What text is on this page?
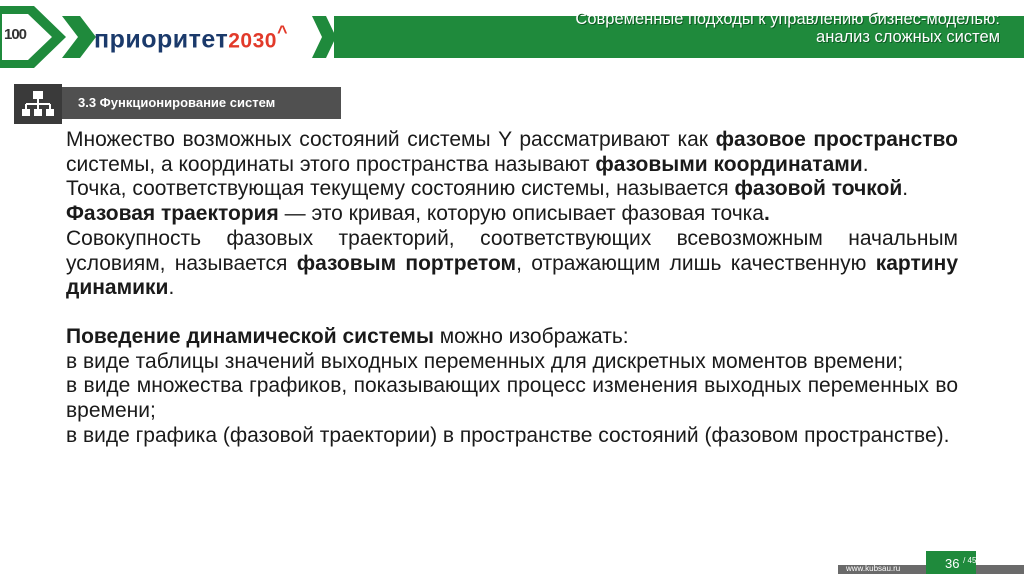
100	приоритет2030^
Современные подходы к управлению бизнес-моделью:
анализ сложных систем
3.3 Функционирование систем

Множество возможных состояний системы Y рассматривают как фазовое пространство системы, а координаты этого пространства называют фазовыми координатами.

Точка, соответствующая текущему состоянию системы, называется фазовой точкой.

Фазовая траектория — это кривая, которую описывает фазовая точка.

Совокупность фазовых траекторий, соответствующих всевозможным начальным условиям, называется фазовым портретом, отражающим лишь качественную картину динамики.

Поведение динамической системы можно изображать:

в виде таблицы значений выходных переменных для дискретных моментов времени;

в виде множества графиков, показывающих процесс изменения выходных переменных во времени;

в виде графика (фазовой траектории) в пространстве состояний (фазовом пространстве).

www.kubsau.ru	36 $^{/ 45}$
